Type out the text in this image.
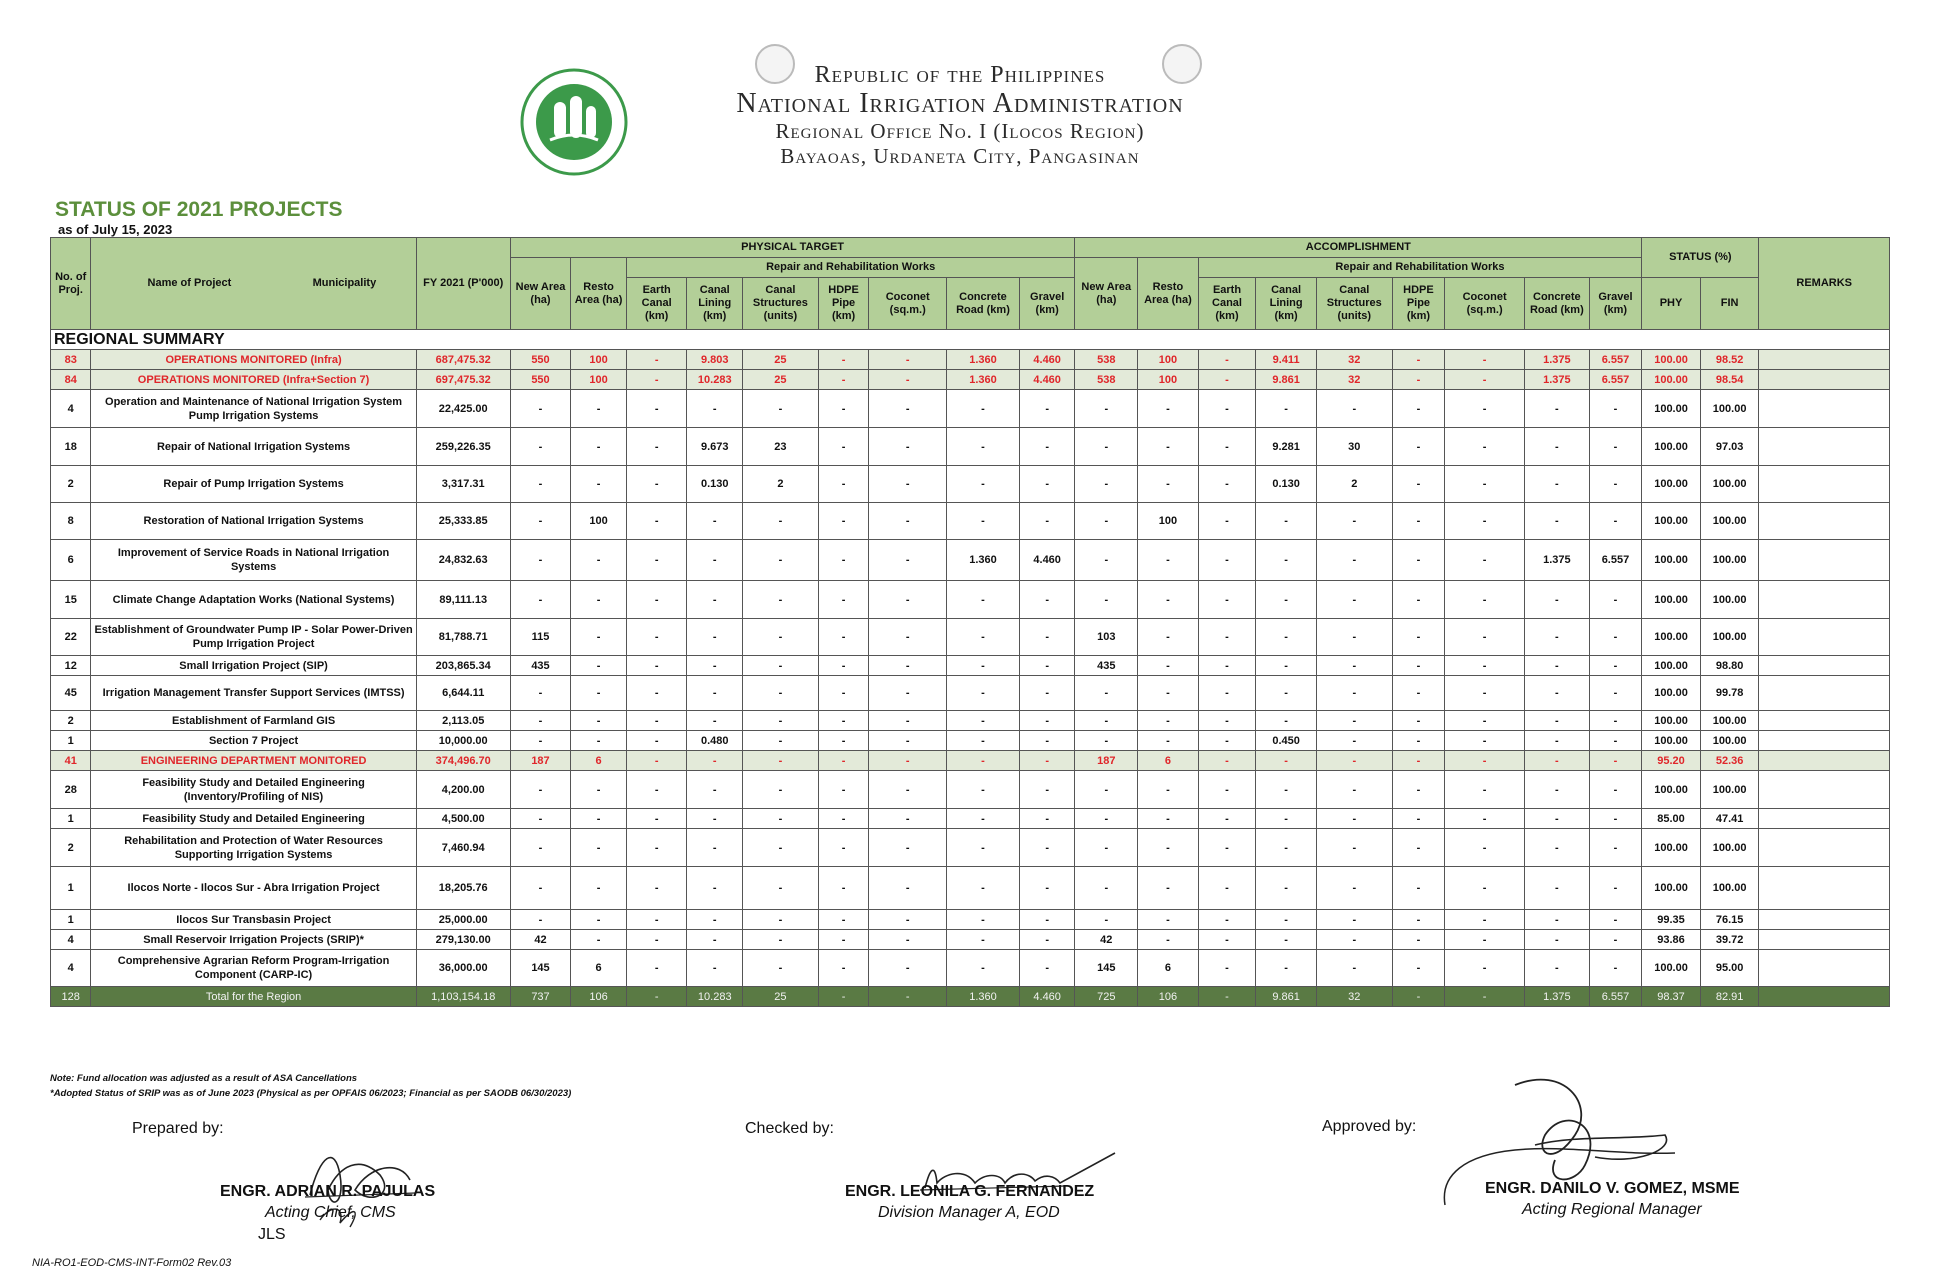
Republic of the Philippines
National Irrigation Administration
Regional Office No. I (Ilocos Region)
Bayaoas, Urdaneta City, Pangasinan
STATUS OF 2021 PROJECTS
as of July 15, 2023
No. of Proj.	Name of Project Municipality	FY 2021 (P'000)	PHYSICAL TARGET									ACCOMPLISHMENT									STATUS (%)		REMARKS
			New Area (ha)	Resto Area (ha)	Repair and Rehabilitation Works							New Area (ha)	Resto Area (ha)	Repair and Rehabilitation Works									
					Earth Canal (km)	Canal Lining (km)	Canal Structures (units)	HDPE Pipe (km)	Coconet (sq.m.)	Concrete Road (km)	Gravel (km)			Earth Canal (km)	Canal Lining (km)	Canal Structures (units)	HDPE Pipe (km)	Coconet (sq.m.)	Concrete Road (km)	Gravel (km)	PHY	FIN	
REGIONAL SUMMARY																							
83	OPERATIONS MONITORED (Infra)	687,475.32	550	100	-	9.803	25	-	-	1.360	4.460	538	100	-	9.411	32	-	-	1.375	6.557	100.00	98.52	
84	OPERATIONS MONITORED (Infra+Section 7)	697,475.32	550	100	-	10.283	25	-	-	1.360	4.460	538	100	-	9.861	32	-	-	1.375	6.557	100.00	98.54	
4	Operation and Maintenance of National Irrigation System Pump Irrigation Systems	22,425.00	-	-	-	-	-	-	-	-	-	-	-	-	-	-	-	-	-	-	100.00	100.00	
18	Repair of National Irrigation Systems	259,226.35	-	-	-	9.673	23	-	-	-	-	-	-	-	9.281	30	-	-	-	-	100.00	97.03	
2	Repair of Pump Irrigation Systems	3,317.31	-	-	-	0.130	2	-	-	-	-	-	-	-	0.130	2	-	-	-	-	100.00	100.00	
8	Restoration of National Irrigation Systems	25,333.85	-	100	-	-	-	-	-	-	-	-	100	-	-	-	-	-	-	-	100.00	100.00	
6	Improvement of Service Roads in National Irrigation Systems	24,832.63	-	-	-	-	-	-	-	1.360	4.460	-	-	-	-	-	-	-	1.375	6.557	100.00	100.00	
15	Climate Change Adaptation Works (National Systems)	89,111.13	-	-	-	-	-	-	-	-	-	-	-	-	-	-	-	-	-	-	100.00	100.00	
22	Establishment of Groundwater Pump IP - Solar Power-Driven Pump Irrigation Project	81,788.71	115	-	-	-	-	-	-	-	-	103	-	-	-	-	-	-	-	-	100.00	100.00	
12	Small Irrigation Project (SIP)	203,865.34	435	-	-	-	-	-	-	-	-	435	-	-	-	-	-	-	-	-	100.00	98.80	
45	Irrigation Management Transfer Support Services (IMTSS)	6,644.11	-	-	-	-	-	-	-	-	-	-	-	-	-	-	-	-	-	-	100.00	99.78	
2	Establishment of Farmland GIS	2,113.05	-	-	-	-	-	-	-	-	-	-	-	-	-	-	-	-	-	-	100.00	100.00	
1	Section 7 Project	10,000.00	-	-	-	0.480	-	-	-	-	-	-	-	-	0.450	-	-	-	-	-	100.00	100.00	
41	ENGINEERING DEPARTMENT MONITORED	374,496.70	187	6	-	-	-	-	-	-	-	187	6	-	-	-	-	-	-	-	95.20	52.36	
28	Feasibility Study and Detailed Engineering (Inventory/Profiling of NIS)	4,200.00	-	-	-	-	-	-	-	-	-	-	-	-	-	-	-	-	-	-	100.00	100.00	
1	Feasibility Study and Detailed Engineering	4,500.00	-	-	-	-	-	-	-	-	-	-	-	-	-	-	-	-	-	-	85.00	47.41	
2	Rehabilitation and Protection of Water Resources Supporting Irrigation Systems	7,460.94	-	-	-	-	-	-	-	-	-	-	-	-	-	-	-	-	-	-	100.00	100.00	
1	Ilocos Norte - Ilocos Sur - Abra Irrigation Project	18,205.76	-	-	-	-	-	-	-	-	-	-	-	-	-	-	-	-	-	-	100.00	100.00	
1	Ilocos Sur Transbasin Project	25,000.00	-	-	-	-	-	-	-	-	-	-	-	-	-	-	-	-	-	-	99.35	76.15	
4	Small Reservoir Irrigation Projects (SRIP)*	279,130.00	42	-	-	-	-	-	-	-	-	42	-	-	-	-	-	-	-	-	93.86	39.72	
4	Comprehensive Agrarian Reform Program-Irrigation Component (CARP-IC)	36,000.00	145	6	-	-	-	-	-	-	-	145	6	-	-	-	-	-	-	-	100.00	95.00	
128	Total for the Region	1,103,154.18	737	106	-	10.283	25	-	-	1.360	4.460	725	106	-	9.861	32	-	-	1.375	6.557	98.37	82.91	
Note: Fund allocation was adjusted as a result of ASA Cancellations
*Adopted Status of SRIP was as of June 2023 (Physical as per OPFAIS 06/2023; Financial as per SAODB 06/30/2023)
Prepared by:
ENGR. ADRIAN R. PAJULAS
Acting Chief, CMS
JLS
Checked by:
ENGR. LEONILA G. FERNANDEZ
Division Manager A, EOD
Approved by:
ENGR. DANILO V. GOMEZ, MSME
Acting Regional Manager
NIA-RO1-EOD-CMS-INT-Form02 Rev.03
